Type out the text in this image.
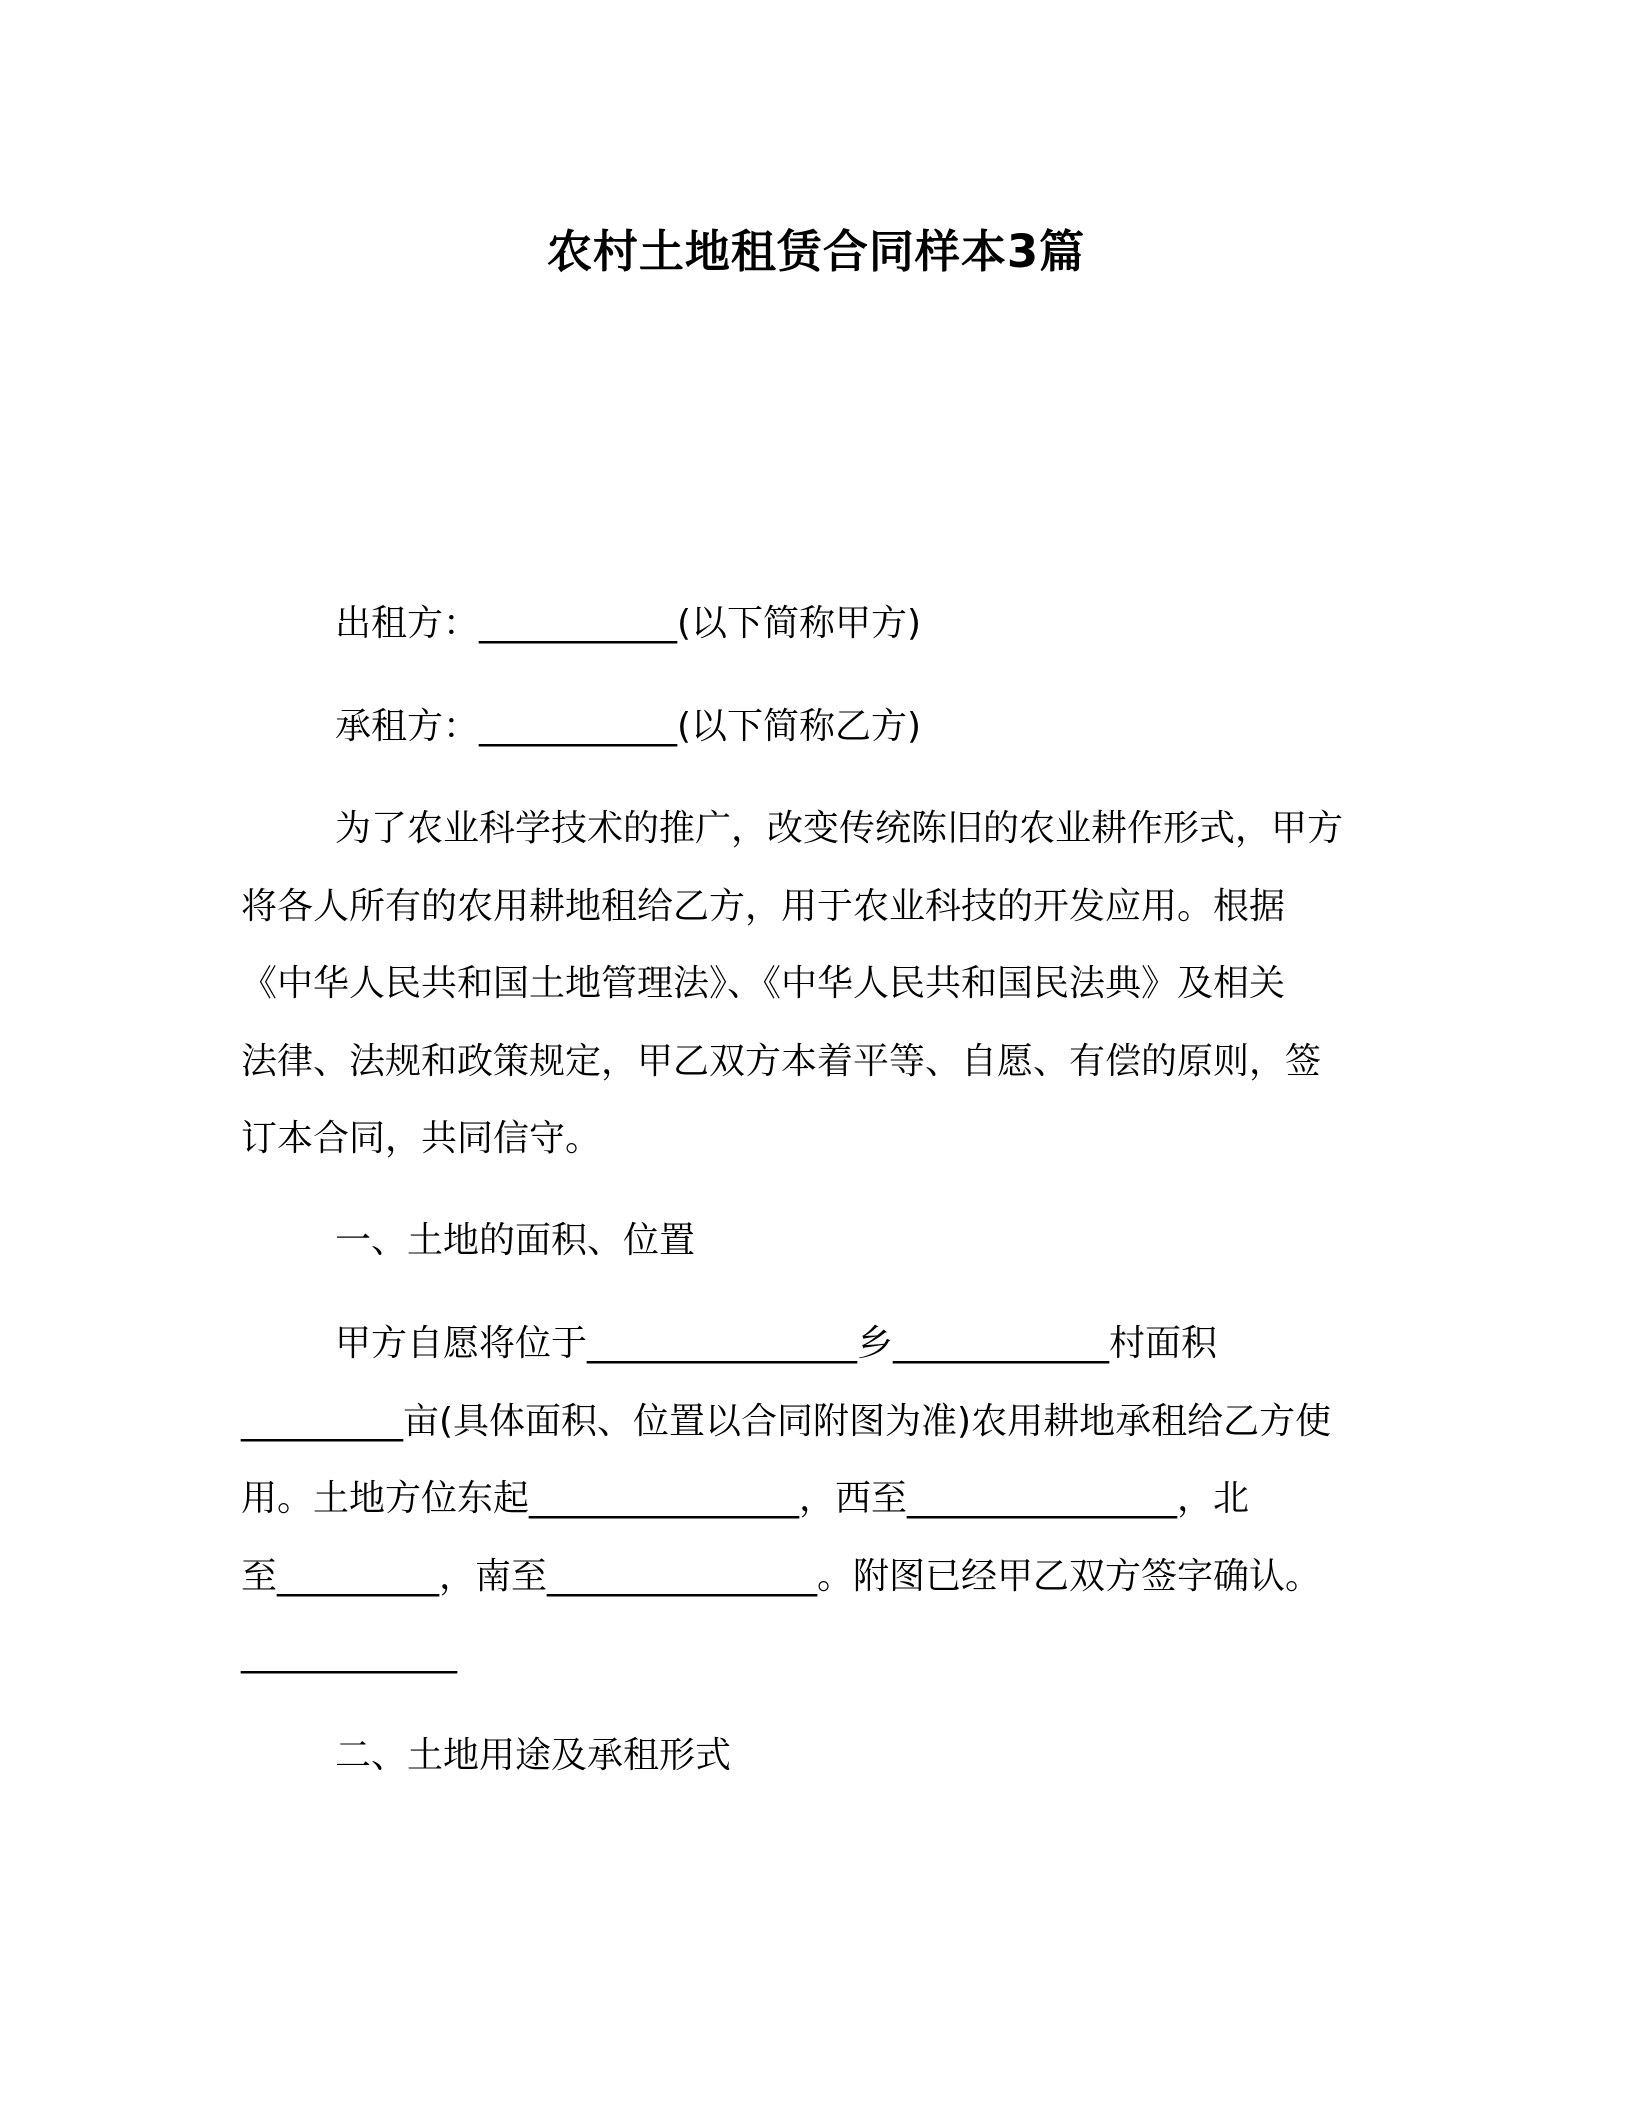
农村土地租赁合同样本3篇

出租方：___________(以下简称甲方)

承租方：___________(以下简称乙方)

为了农业科学技术的推广，改变传统陈旧的农业耕作形式，甲方
将各人所有的农用耕地租给乙方，用于农业科技的开发应用。根据
《中华人民共和国土地管理法》、《中华人民共和国民法典》及相关
法律、法规和政策规定，甲乙双方本着平等、自愿、有偿的原则，签
订本合同，共同信守。

一、土地的面积、位置

甲方自愿将位于_______________乡____________村面积
_________亩(具体面积、位置以合同附图为准)农用耕地承租给乙方使
用。土地方位东起_______________，西至_______________，北
至_________，南至_______________。附图已经甲乙双方签字确认。
____________

二、土地用途及承租形式
